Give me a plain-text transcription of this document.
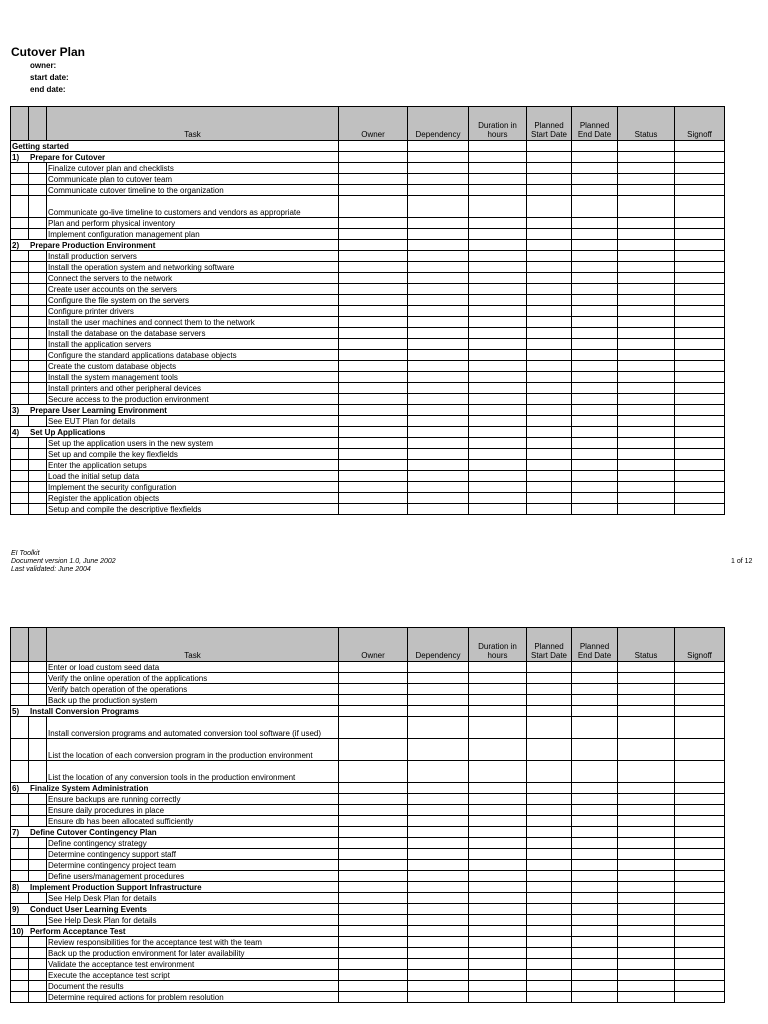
Cutover Plan
owner:
start date:
end date:
		Task	Owner	Dependency	Duration in hours	Planned Start Date	Planned End Date	Status	Signoff
Getting started									
1)	Prepare for Cutover								
		Finalize cutover plan and checklists							
		Communicate plan to cutover team							
		Communicate cutover timeline to the organization							
		Communicate go-live timeline to customers and vendors as appropriate							
		Plan and perform physical inventory							
		Implement configuration management plan							
2)	Prepare Production Environment								
		Install production servers							
		Install the operation system and networking software							
		Connect the servers to the network							
		Create user accounts on the servers							
		Configure the file system on the servers							
		Configure printer drivers							
		Install the user machines and connect them to the network							
		Install the database on the database servers							
		Install the application servers							
		Configure the standard applications database objects							
		Create the custom database objects							
		Install the system management tools							
		Install printers and other peripheral devices							
		Secure access to the production environment							
3)	Prepare User Learning Environment								
		See EUT Plan for details							
4)	Set Up Applications								
		Set up the application users in the new system							
		Set up and compile the key flexfields							
		Enter the application setups							
		Load the initial setup data							
		Implement the security configuration							
		Register the application objects							
		Setup and compile the descriptive flexfields							
EI Toolkit
Document version 1.0, June 2002
Last validated: June 2004
1 of 12
		Task	Owner	Dependency	Duration in hours	Planned Start Date	Planned End Date	Status	Signoff
		Enter or load custom seed data							
		Verify the online operation of the applications							
		Verify batch operation of the operations							
		Back up the production system							
5)	Install Conversion Programs								
		Install conversion programs and automated conversion tool software (if used)							
		List the location of each conversion program in the production environment							
		List the location of any conversion tools in the production environment							
6)	Finalize System Administration								
		Ensure backups are running correctly							
		Ensure daily procedures in place							
		Ensure db has been allocated sufficiently							
7)	Define Cutover Contingency Plan								
		Define contingency strategy							
		Determine contingency support staff							
		Determine contingency project team							
		Define users/management procedures							
8)	Implement Production Support Infrastructure								
		See Help Desk Plan for details							
9)	Conduct User Learning Events								
		See Help Desk Plan for details							
10)	Perform Acceptance Test								
		Review responsibilities for the acceptance test with the team							
		Back up the production environment for later availability							
		Validate the acceptance test environment							
		Execute the acceptance test script							
		Document the results							
		Determine required actions for problem resolution							
